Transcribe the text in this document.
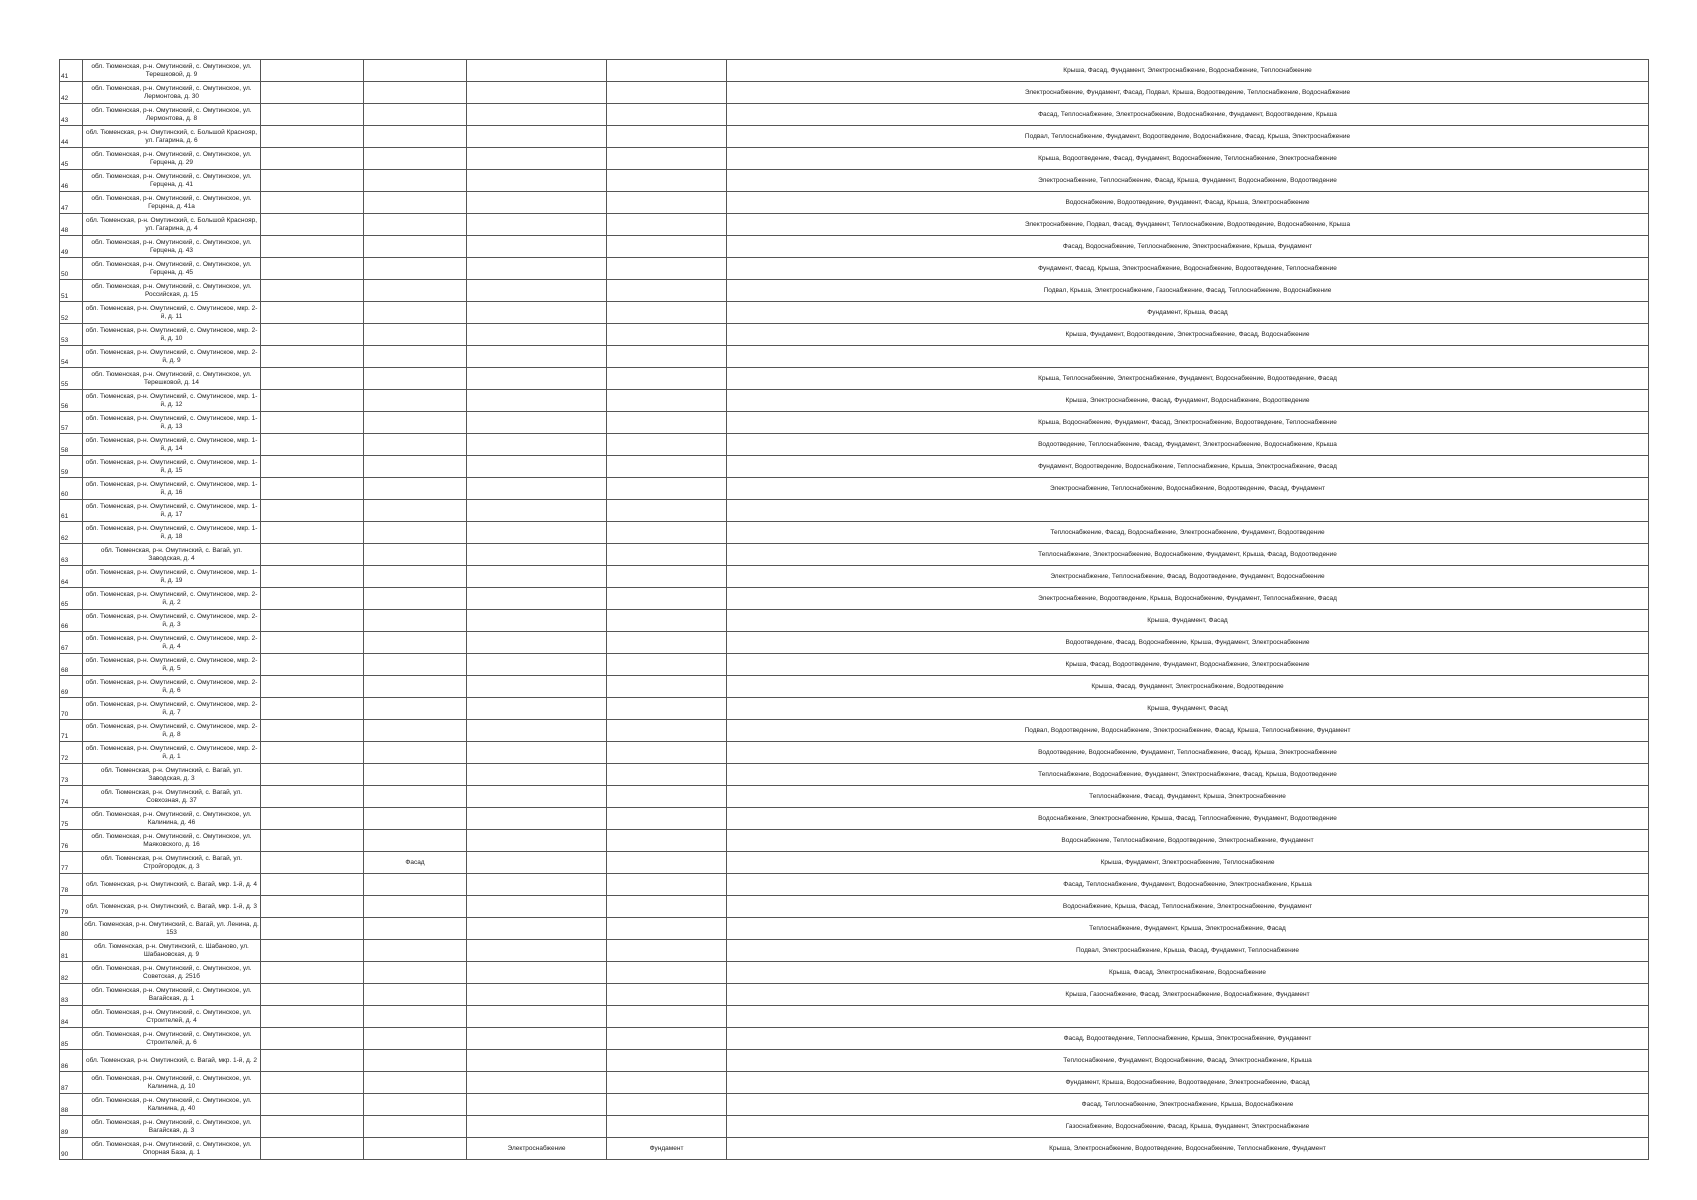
41	обл. Тюменская, р-н. Омутинский, с. Омутинское, ул. Терешковой, д. 9					Крыша, Фасад, Фундамент, Электроснабжение, Водоснабжение, Теплоснабжение
42	обл. Тюменская, р-н. Омутинский, с. Омутинское, ул. Лермонтова, д. 30					Электроснабжение, Фундамент, Фасад, Подвал, Крыша, Водоотведение, Теплоснабжение, Водоснабжение
43	обл. Тюменская, р-н. Омутинский, с. Омутинское, ул. Лермонтова, д. 8					Фасад, Теплоснабжение, Электроснабжение, Водоснабжение, Фундамент, Водоотведение, Крыша
44	обл. Тюменская, р-н. Омутинский, с. Большой Краснояр, ул. Гагарина, д. 6					Подвал, Теплоснабжение, Фундамент, Водоотведение, Водоснабжение, Фасад, Крыша, Электроснабжение
45	обл. Тюменская, р-н. Омутинский, с. Омутинское, ул. Герцена, д. 29					Крыша, Водоотведение, Фасад, Фундамент, Водоснабжение, Теплоснабжение, Электроснабжение
46	обл. Тюменская, р-н. Омутинский, с. Омутинское, ул. Герцена, д. 41					Электроснабжение, Теплоснабжение, Фасад, Крыша, Фундамент, Водоснабжение, Водоотведение
47	обл. Тюменская, р-н. Омутинский, с. Омутинское, ул. Герцена, д. 41а					Водоснабжение, Водоотведение, Фундамент, Фасад, Крыша, Электроснабжение
48	обл. Тюменская, р-н. Омутинский, с. Большой Краснояр, ул. Гагарина, д. 4					Электроснабжение, Подвал, Фасад, Фундамент, Теплоснабжение, Водоотведение, Водоснабжение, Крыша
49	обл. Тюменская, р-н. Омутинский, с. Омутинское, ул. Герцена, д. 43					Фасад, Водоснабжение, Теплоснабжение, Электроснабжение, Крыша, Фундамент
50	обл. Тюменская, р-н. Омутинский, с. Омутинское, ул. Герцена, д. 45					Фундамент, Фасад, Крыша, Электроснабжение, Водоснабжение, Водоотведение, Теплоснабжение
51	обл. Тюменская, р-н. Омутинский, с. Омутинское, ул. Российская, д. 15					Подвал, Крыша, Электроснабжение, Газоснабжение, Фасад, Теплоснабжение, Водоснабжение
52	обл. Тюменская, р-н. Омутинский, с. Омутинское, мкр. 2-й, д. 11					Фундамент, Крыша, Фасад
53	обл. Тюменская, р-н. Омутинский, с. Омутинское, мкр. 2-й, д. 10					Крыша, Фундамент, Водоотведение, Электроснабжение, Фасад, Водоснабжение
54	обл. Тюменская, р-н. Омутинский, с. Омутинское, мкр. 2-й, д. 9					
55	обл. Тюменская, р-н. Омутинский, с. Омутинское, ул. Терешковой, д. 14					Крыша, Теплоснабжение, Электроснабжение, Фундамент, Водоснабжение, Водоотведение, Фасад
56	обл. Тюменская, р-н. Омутинский, с. Омутинское, мкр. 1-й, д. 12					Крыша, Электроснабжение, Фасад, Фундамент, Водоснабжение, Водоотведение
57	обл. Тюменская, р-н. Омутинский, с. Омутинское, мкр. 1-й, д. 13					Крыша, Водоснабжение, Фундамент, Фасад, Электроснабжение, Водоотведение, Теплоснабжение
58	обл. Тюменская, р-н. Омутинский, с. Омутинское, мкр. 1-й, д. 14					Водоотведение, Теплоснабжение, Фасад, Фундамент, Электроснабжение, Водоснабжение, Крыша
59	обл. Тюменская, р-н. Омутинский, с. Омутинское, мкр. 1-й, д. 15					Фундамент, Водоотведение, Водоснабжение, Теплоснабжение, Крыша, Электроснабжение, Фасад
60	обл. Тюменская, р-н. Омутинский, с. Омутинское, мкр. 1-й, д. 16					Электроснабжение, Теплоснабжение, Водоснабжение, Водоотведение, Фасад, Фундамент
61	обл. Тюменская, р-н. Омутинский, с. Омутинское, мкр. 1-й, д. 17					
62	обл. Тюменская, р-н. Омутинский, с. Омутинское, мкр. 1-й, д. 18					Теплоснабжение, Фасад, Водоснабжение, Электроснабжение, Фундамент, Водоотведение
63	обл. Тюменская, р-н. Омутинский, с. Вагай, ул. Заводская, д. 4					Теплоснабжение, Электроснабжение, Водоснабжение, Фундамент, Крыша, Фасад, Водоотведение
64	обл. Тюменская, р-н. Омутинский, с. Омутинское, мкр. 1-й, д. 19					Электроснабжение, Теплоснабжение, Фасад, Водоотведение, Фундамент, Водоснабжение
65	обл. Тюменская, р-н. Омутинский, с. Омутинское, мкр. 2-й, д. 2					Электроснабжение, Водоотведение, Крыша, Водоснабжение, Фундамент, Теплоснабжение, Фасад
66	обл. Тюменская, р-н. Омутинский, с. Омутинское, мкр. 2-й, д. 3					Крыша, Фундамент, Фасад
67	обл. Тюменская, р-н. Омутинский, с. Омутинское, мкр. 2-й, д. 4					Водоотведение, Фасад, Водоснабжение, Крыша, Фундамент, Электроснабжение
68	обл. Тюменская, р-н. Омутинский, с. Омутинское, мкр. 2-й, д. 5					Крыша, Фасад, Водоотведение, Фундамент, Водоснабжение, Электроснабжение
69	обл. Тюменская, р-н. Омутинский, с. Омутинское, мкр. 2-й, д. 6					Крыша, Фасад, Фундамент, Электроснабжение, Водоотведение
70	обл. Тюменская, р-н. Омутинский, с. Омутинское, мкр. 2-й, д. 7					Крыша, Фундамент, Фасад
71	обл. Тюменская, р-н. Омутинский, с. Омутинское, мкр. 2-й, д. 8					Подвал, Водоотведение, Водоснабжение, Электроснабжение, Фасад, Крыша, Теплоснабжение, Фундамент
72	обл. Тюменская, р-н. Омутинский, с. Омутинское, мкр. 2-й, д. 1					Водоотведение, Водоснабжение, Фундамент, Теплоснабжение, Фасад, Крыша, Электроснабжение
73	обл. Тюменская, р-н. Омутинский, с. Вагай, ул. Заводская, д. 3					Теплоснабжение, Водоснабжение, Фундамент, Электроснабжение, Фасад, Крыша, Водоотведение
74	обл. Тюменская, р-н. Омутинский, с. Вагай, ул. Совхозная, д. 37					Теплоснабжение, Фасад, Фундамент, Крыша, Электроснабжение
75	обл. Тюменская, р-н. Омутинский, с. Омутинское, ул. Калинина, д. 46					Водоснабжение, Электроснабжение, Крыша, Фасад, Теплоснабжение, Фундамент, Водоотведение
76	обл. Тюменская, р-н. Омутинский, с. Омутинское, ул. Маяковского, д. 16					Водоснабжение, Теплоснабжение, Водоотведение, Электроснабжение, Фундамент
77	обл. Тюменская, р-н. Омутинский, с. Вагай, ул. Стройгородок, д. 3		Фасад			Крыша, Фундамент, Электроснабжение, Теплоснабжение
78	обл. Тюменская, р-н. Омутинский, с. Вагай, мкр. 1-й, д. 4					Фасад, Теплоснабжение, Фундамент, Водоснабжение, Электроснабжение, Крыша
79	обл. Тюменская, р-н. Омутинский, с. Вагай, мкр. 1-й, д. 3					Водоснабжение, Крыша, Фасад, Теплоснабжение, Электроснабжение, Фундамент
80	обл. Тюменская, р-н. Омутинский, с. Вагай, ул. Ленина, д. 153					Теплоснабжение, Фундамент, Крыша, Электроснабжение, Фасад
81	обл. Тюменская, р-н. Омутинский, с. Шабаново, ул. Шабановская, д. 9					Подвал, Электроснабжение, Крыша, Фасад, Фундамент, Теплоснабжение
82	обл. Тюменская, р-н. Омутинский, с. Омутинское, ул. Советская, д. 251б					Крыша, Фасад, Электроснабжение, Водоснабжение
83	обл. Тюменская, р-н. Омутинский, с. Омутинское, ул. Вагайская, д. 1					Крыша, Газоснабжение, Фасад, Электроснабжение, Водоснабжение, Фундамент
84	обл. Тюменская, р-н. Омутинский, с. Омутинское, ул. Строителей, д. 4					
85	обл. Тюменская, р-н. Омутинский, с. Омутинское, ул. Строителей, д. 6					Фасад, Водоотведение, Теплоснабжение, Крыша, Электроснабжение, Фундамент
86	обл. Тюменская, р-н. Омутинский, с. Вагай, мкр. 1-й, д. 2					Теплоснабжение, Фундамент, Водоснабжение, Фасад, Электроснабжение, Крыша
87	обл. Тюменская, р-н. Омутинский, с. Омутинское, ул. Калинина, д. 10					Фундамент, Крыша, Водоснабжение, Водоотведение, Электроснабжение, Фасад
88	обл. Тюменская, р-н. Омутинский, с. Омутинское, ул. Калинина, д. 40					Фасад, Теплоснабжение, Электроснабжение, Крыша, Водоснабжение
89	обл. Тюменская, р-н. Омутинский, с. Омутинское, ул. Вагайская, д. 3					Газоснабжение, Водоснабжение, Фасад, Крыша, Фундамент, Электроснабжение
90	обл. Тюменская, р-н. Омутинский, с. Омутинское, ул. Опорная База, д. 1			Электроснабжение	Фундамент	Крыша, Электроснабжение, Водоотведение, Водоснабжение, Теплоснабжение, Фундамент
